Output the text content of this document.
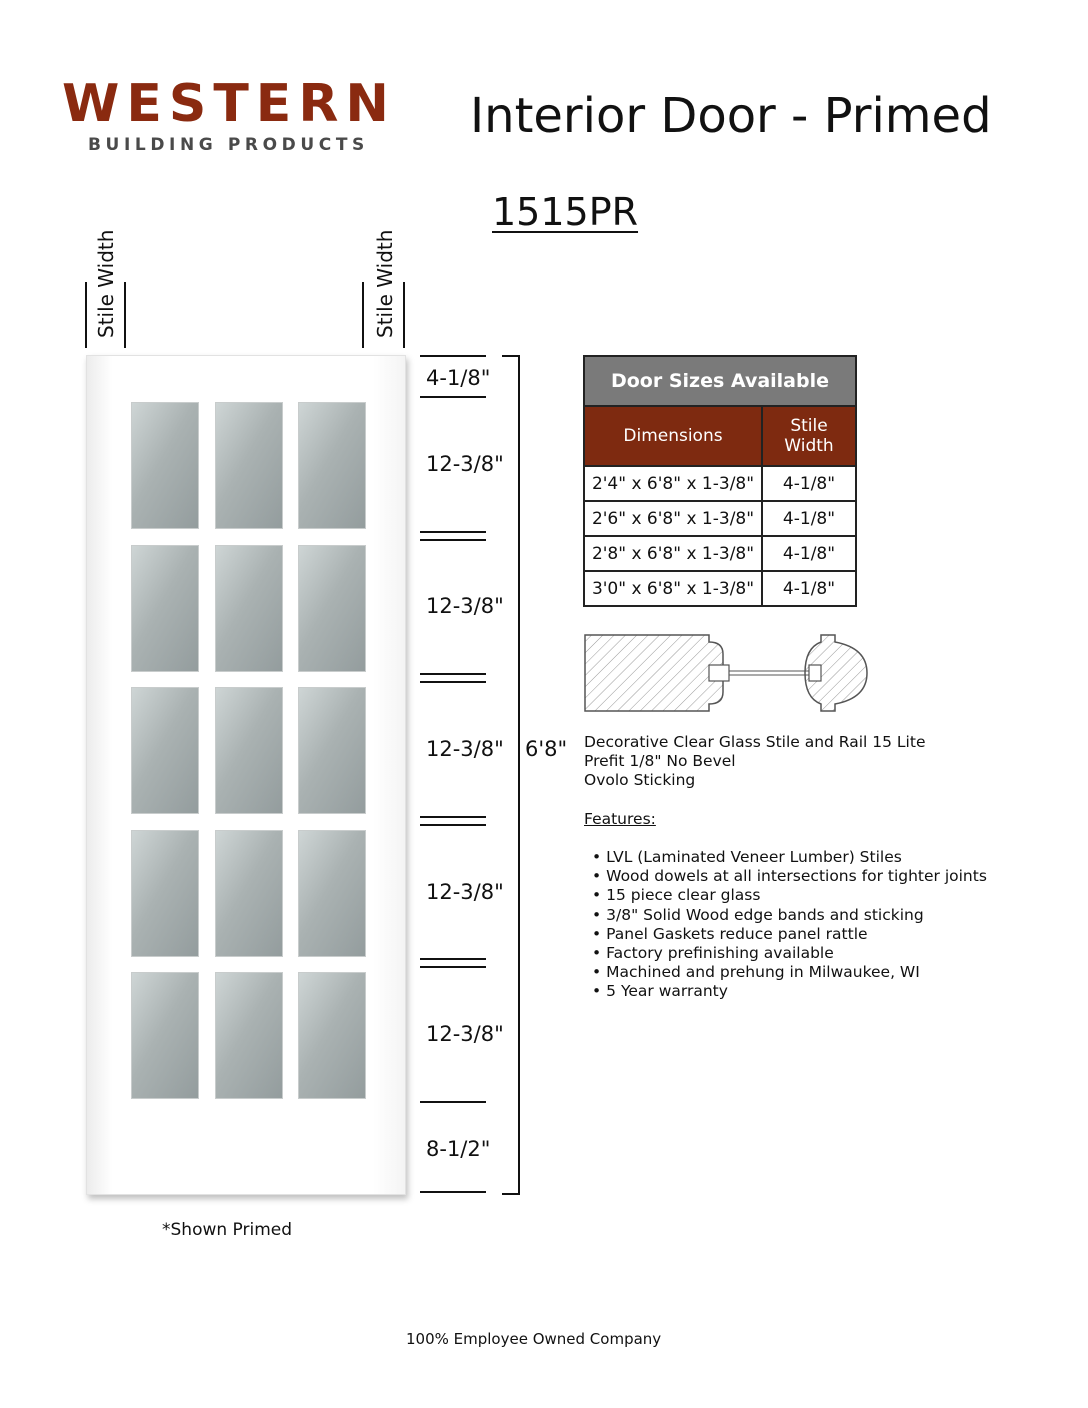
WESTERN
BUILDING PRODUCTS
Interior Door - Primed
1515PR
Stile Width	Stile Width
4-1/8"
12-3/8"
12-3/8"
12-3/8"
12-3/8"
12-3/8"
8-1/2"
6'8"
Door Sizes Available	
Dimensions	Stile Width
2'4" x 6'8" x 1-3/8"	4-1/8"
2'6" x 6'8" x 1-3/8"	4-1/8"
2'8" x 6'8" x 1-3/8"	4-1/8"
3'0" x 6'8" x 1-3/8"	4-1/8"
Decorative Clear Glass Stile and Rail 15 Lite
Prefit 1/8" No Bevel
Ovolo Sticking
Features:
• LVL (Laminated Veneer Lumber) Stiles
• Wood dowels at all intersections for tighter joints
• 15 piece clear glass
• 3/8" Solid Wood edge bands and sticking
• Panel Gaskets reduce panel rattle
• Factory prefinishing available
• Machined and prehung in Milwaukee, WI
• 5 Year warranty
*Shown Primed
100% Employee Owned Company
